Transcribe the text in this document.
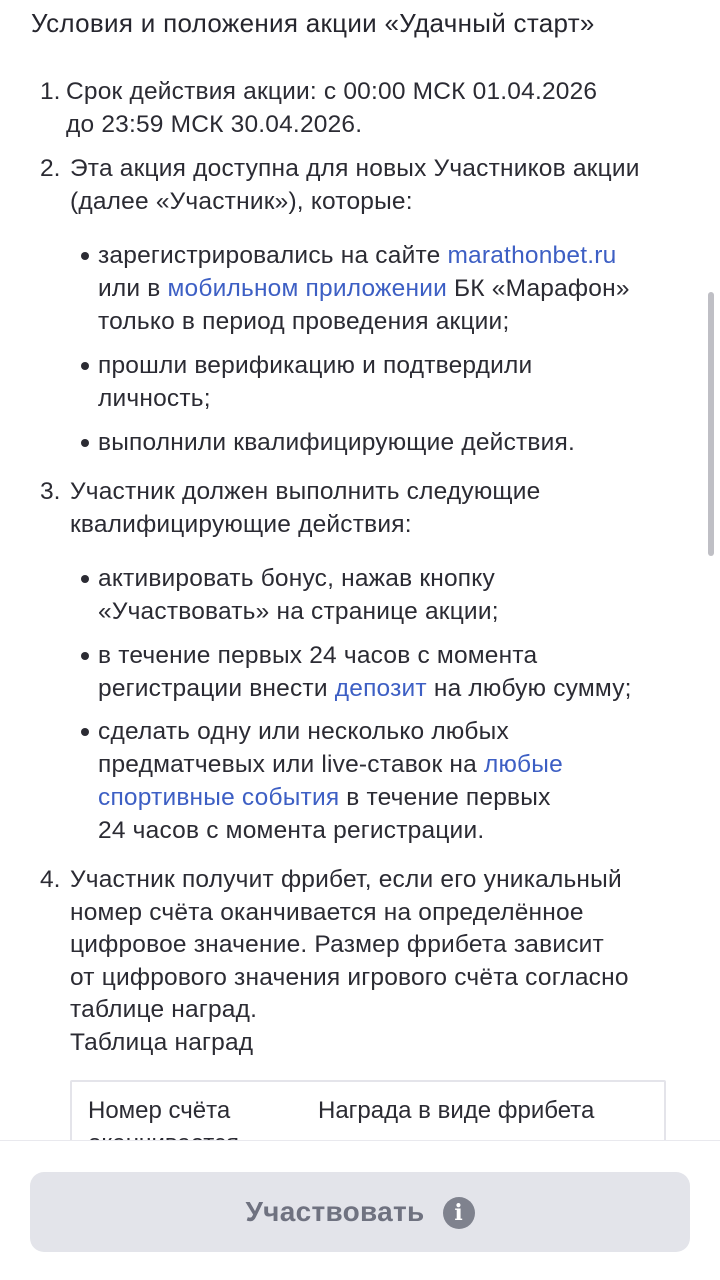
Условия и положения акции «Удачный старт»
1. Срок действия акции: с 00:00 МСК 01.04.2026
до 23:59 МСК 30.04.2026.
2. Эта акция доступна для новых Участников акции
(далее «Участник»), которые:
зарегистрировались на сайте marathonbet.ru
или в мобильном приложении БК «Марафон»
только в период проведения акции;
прошли верификацию и подтвердили
личность;
выполнили квалифицирующие действия.
3. Участник должен выполнить следующие
квалифицирующие действия:
активировать бонус, нажав кнопку
«Участвовать» на странице акции;
в течение первых 24 часов с момента
регистрации внести депозит на любую сумму;
сделать одну или несколько любых
предматчевых или live-ставок на любые
спортивные события в течение первых
24 часов с момента регистрации.
4. Участник получит фрибет, если его уникальный
номер счёта оканчивается на определённое
цифровое значение. Размер фрибета зависит
от цифрового значения игрового счёта согласно
таблице наград.
Таблица наград
Номер счёта	Награда в виде фрибета
Участвовать	i
